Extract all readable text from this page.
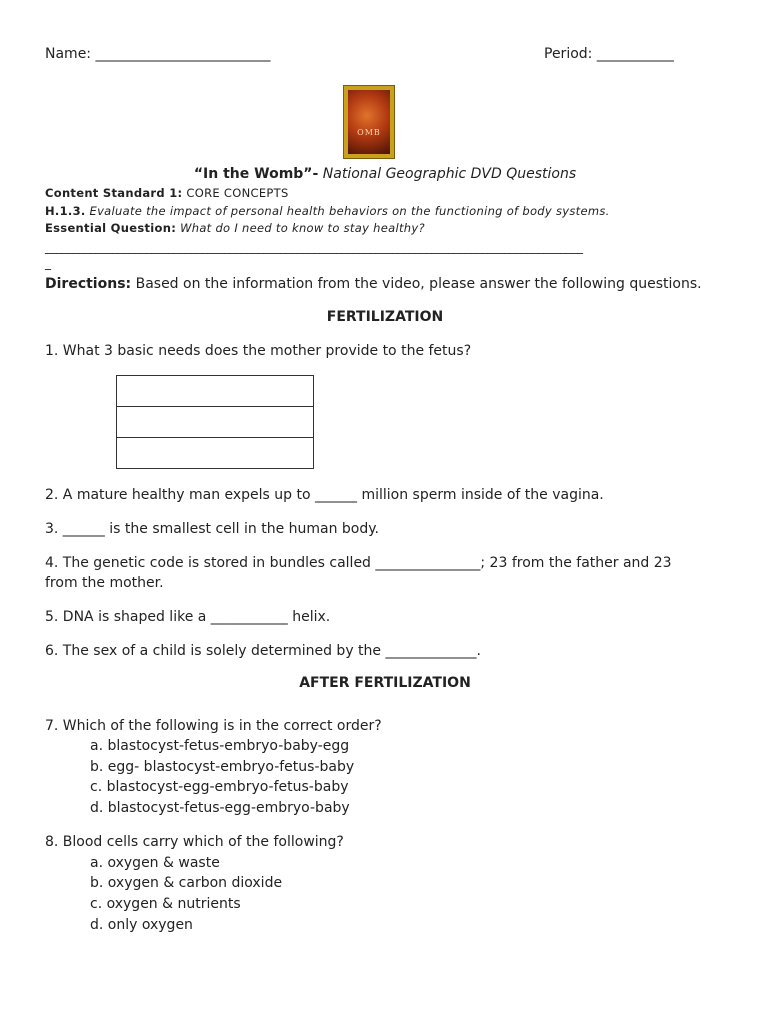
Name: _________________________	Period: ___________
OMB
“In the Womb”- National Geographic DVD Questions
Content Standard 1: CORE CONCEPTS
H.1.3. Evaluate the impact of personal health behaviors on the functioning of body systems.
Essential Question: What do I need to know to stay healthy?
________________________________________________________________________________________________
_
Directions: Based on the information from the video, please answer the following questions.
FERTILIZATION
1. What 3 basic needs does the mother provide to the fetus?
2. A mature healthy man expels up to ______ million sperm inside of the vagina.
3. ______ is the smallest cell in the human body.
4. The genetic code is stored in bundles called _______________; 23 from the father and 23
from the mother.
5. DNA is shaped like a ___________ helix.
6. The sex of a child is solely determined by the _____________.
AFTER FERTILIZATION
7. Which of the following is in the correct order?
a. blastocyst-fetus-embryo-baby-egg
b. egg- blastocyst-embryo-fetus-baby
c. blastocyst-egg-embryo-fetus-baby
d. blastocyst-fetus-egg-embryo-baby
8. Blood cells carry which of the following?
a. oxygen & waste
b. oxygen & carbon dioxide
c. oxygen & nutrients
d. only oxygen
